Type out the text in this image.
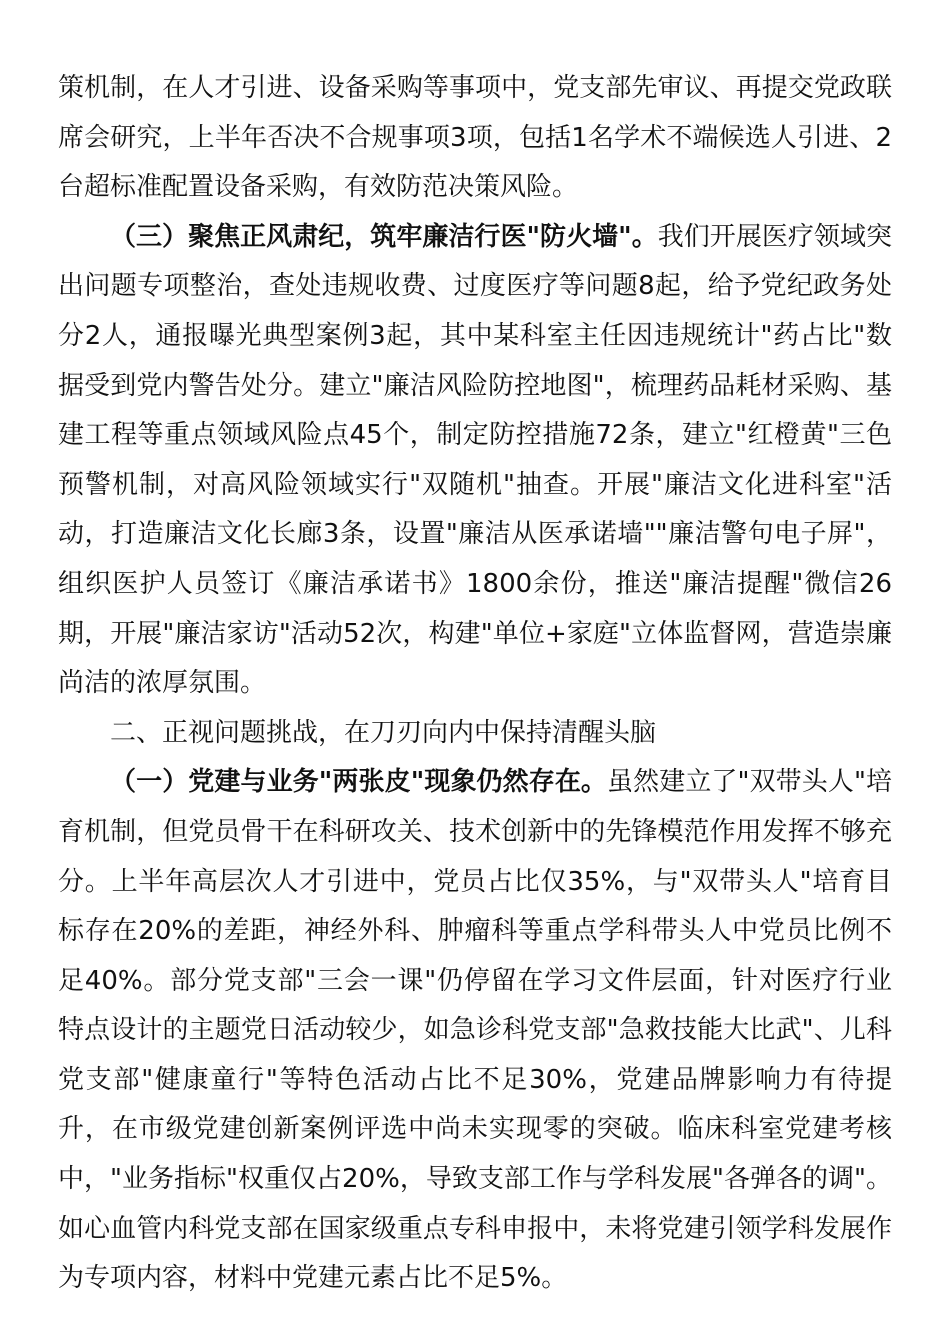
策机制，在人才引进、设备采购等事项中，党支部先审议、再提交党政联席会研究，上半年否决不合规事项3项，包括1名学术不端候选人引进、2台超标准配置设备采购，有效防范决策风险。

（三）聚焦正风肃纪，筑牢廉洁行医"防火墙"。我们开展医疗领域突出问题专项整治，查处违规收费、过度医疗等问题8起，给予党纪政务处分2人，通报曝光典型案例3起，其中某科室主任因违规统计"药占比"数据受到党内警告处分。建立"廉洁风险防控地图"，梳理药品耗材采购、基建工程等重点领域风险点45个，制定防控措施72条，建立"红橙黄"三色预警机制，对高风险领域实行"双随机"抽查。开展"廉洁文化进科室"活动，打造廉洁文化长廊3条，设置"廉洁从医承诺墙""廉洁警句电子屏"，组织医护人员签订《廉洁承诺书》1800余份，推送"廉洁提醒"微信26期，开展"廉洁家访"活动52次，构建"单位+家庭"立体监督网，营造崇廉尚洁的浓厚氛围。

二、正视问题挑战，在刀刃向内中保持清醒头脑

（一）党建与业务"两张皮"现象仍然存在。虽然建立了"双带头人"培育机制，但党员骨干在科研攻关、技术创新中的先锋模范作用发挥不够充分。上半年高层次人才引进中，党员占比仅35%，与"双带头人"培育目标存在20%的差距，神经外科、肿瘤科等重点学科带头人中党员比例不足40%。部分党支部"三会一课"仍停留在学习文件层面，针对医疗行业特点设计的主题党日活动较少，如急诊科党支部"急救技能大比武"、儿科党支部"健康童行"等特色活动占比不足30%，党建品牌影响力有待提升，在市级党建创新案例评选中尚未实现零的突破。临床科室党建考核中，"业务指标"权重仅占20%，导致支部工作与学科发展"各弹各的调"。如心血管内科党支部在国家级重点专科申报中，未将党建引领学科发展作为专项内容，材料中党建元素占比不足5%。
